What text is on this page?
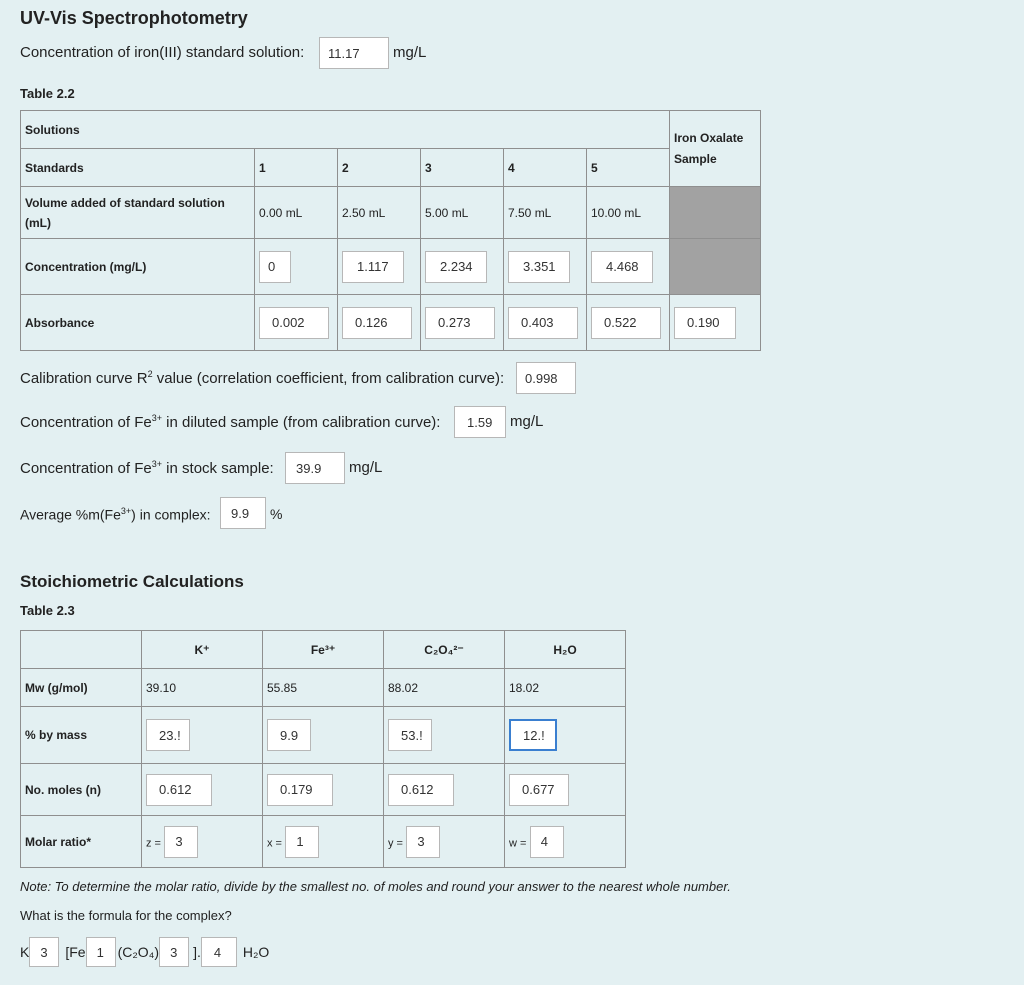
UV-Vis Spectrophotometry
Concentration of iron(III) standard solution:
11.17	mg/L
Table 2.2
Solutions						Iron Oxalate Sample
Standards	1	2	3	4	5	
Volume added of standard solution (mL)	0.00 mL	2.50 mL	5.00 mL	7.50 mL	10.00 mL	
Concentration (mg/L)	0	1.117	2.234	3.351	4.468	
Absorbance	0.002	0.126	0.273	0.403	0.522	0.190
Calibration curve $R^2$ value (correlation coefficient, from calibration curve):
0.998
Concentration of $Fe^{3+}$ in diluted sample (from calibration curve):
1.59	mg/L
Concentration of $Fe^{3+}$ in stock sample:
39.9	mg/L
Average $\%m(Fe^{3+})$ in complex:
9.9	%
Stoichiometric Calculations
Table 2.3
	K⁺	Fe³⁺	C₂O₄²⁻	H₂O
Mw (g/mol)	39.10	55.85	88.02	18.02
% by mass	23.!	9.9	53.!	12.!
No. moles (n)	0.612	0.179	0.612	0.677
Molar ratio*	z = 3	x = 1	y = 3	w = 4
Note: To determine the molar ratio, divide by the smallest no. of moles and round your answer to the nearest whole number.
What is the formula for the complex?
K
3	[Fe
1 (C₂O₄)
3 ].
4	H₂O
